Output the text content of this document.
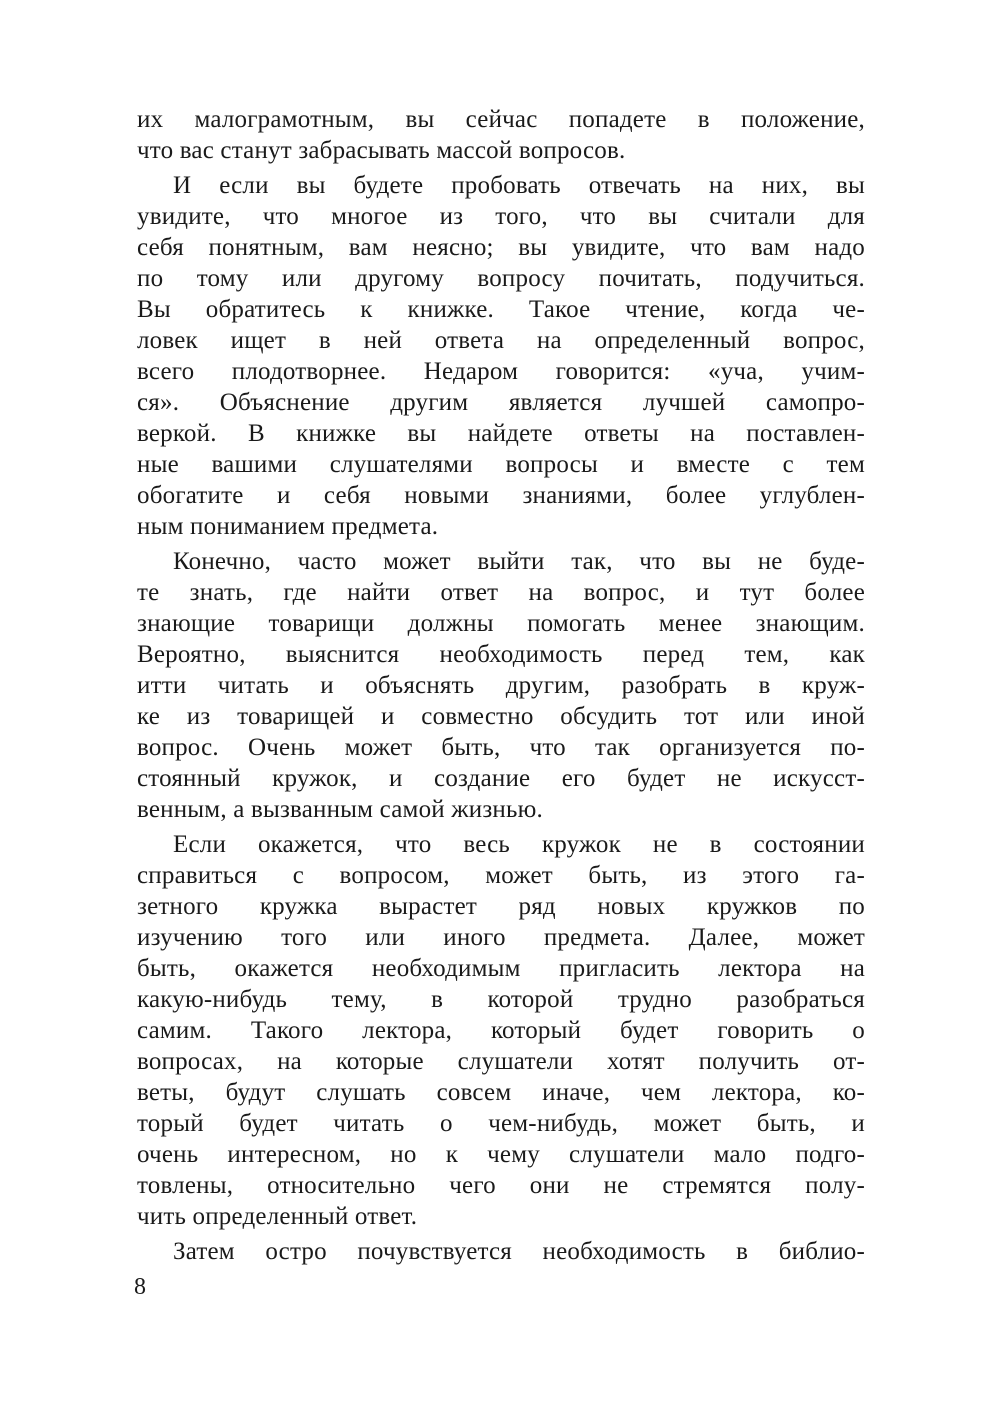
их малограмотным, вы сейчас попадете в положение,
что вас станут забрасывать массой вопросов.
И если вы будете пробовать отвечать на них, вы
увидите, что многое из того, что вы считали для
себя понятным, вам неясно; вы увидите, что вам надо
по тому или другому вопросу почитать, подучиться.
Вы обратитесь к книжке. Такое чтение, когда че-
ловек ищет в ней ответа на определенный вопрос,
всего плодотворнее. Недаром говорится: «уча, учим-
ся». Объяснение другим является лучшей самопро-
веркой. В книжке вы найдете ответы на поставлен-
ные вашими слушателями вопросы и вместе с тем
обогатите и себя новыми знаниями, более углублен-
ным пониманием предмета.
Конечно, часто может выйти так, что вы не буде-
те знать, где найти ответ на вопрос, и тут более
знающие товарищи должны помогать менее знающим.
Вероятно, выяснится необходимость перед тем, как
итти читать и объяснять другим, разобрать в круж-
ке из товарищей и совместно обсудить тот или иной
вопрос. Очень может быть, что так организуется по-
стоянный кружок, и создание его будет не искусст-
венным, а вызванным самой жизнью.
Если окажется, что весь кружок не в состоянии
справиться с вопросом, может быть, из этого га-
зетного кружка вырастет ряд новых кружков по
изучению того или иного предмета. Далее, может
быть, окажется необходимым пригласить лектора на
какую-нибудь тему, в которой трудно разобраться
самим. Такого лектора, который будет говорить о
вопросах, на которые слушатели хотят получить от-
веты, будут слушать совсем иначе, чем лектора, ко-
торый будет читать о чем-нибудь, может быть, и
очень интересном, но к чему слушатели мало подго-
товлены, относительно чего они не стремятся полу-
чить определенный ответ.
Затем остро почувствуется необходимость в библио-
8
